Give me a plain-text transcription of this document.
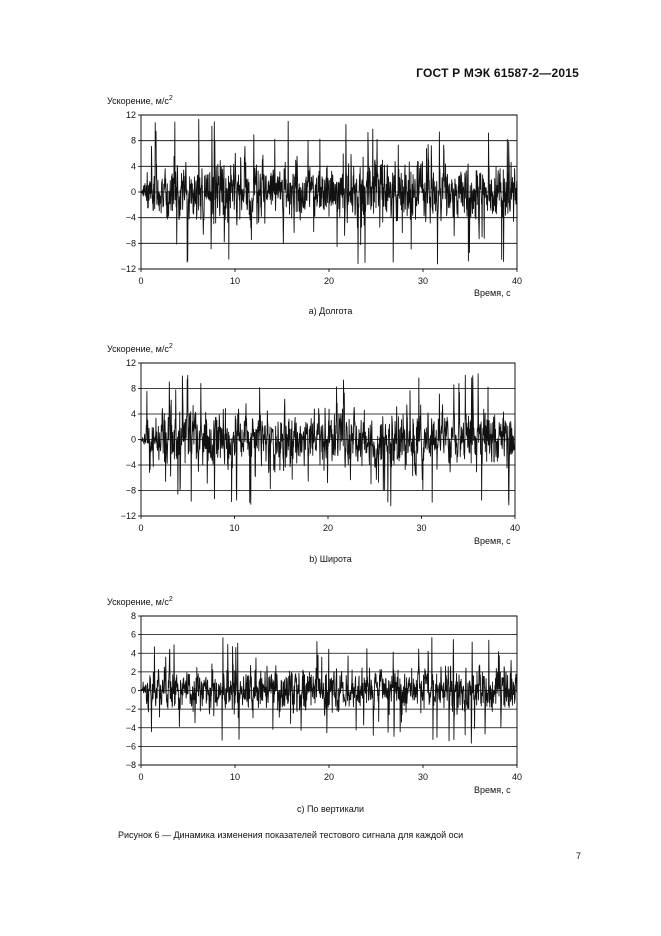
ГОСТ Р МЭК 61587-2—2015
Ускорение, $м/с^2$
12
8
4
0
−4
−8
−12
0	10	20	30	40
Время, с
а) Долгота
Ускорение, $м/с^2$
12
8
4
0
−4
−8
−12
0	10	20	30	40
Время, с
b) Широта
Ускорение, $м/с^2$
8
6
4
2
0
−2
−4
−6
−8
0	10	20	30	40
Время, с
c) По вертикали
Рисунок 6 — Динамика изменения показателей тестового сигнала для каждой оси
7
